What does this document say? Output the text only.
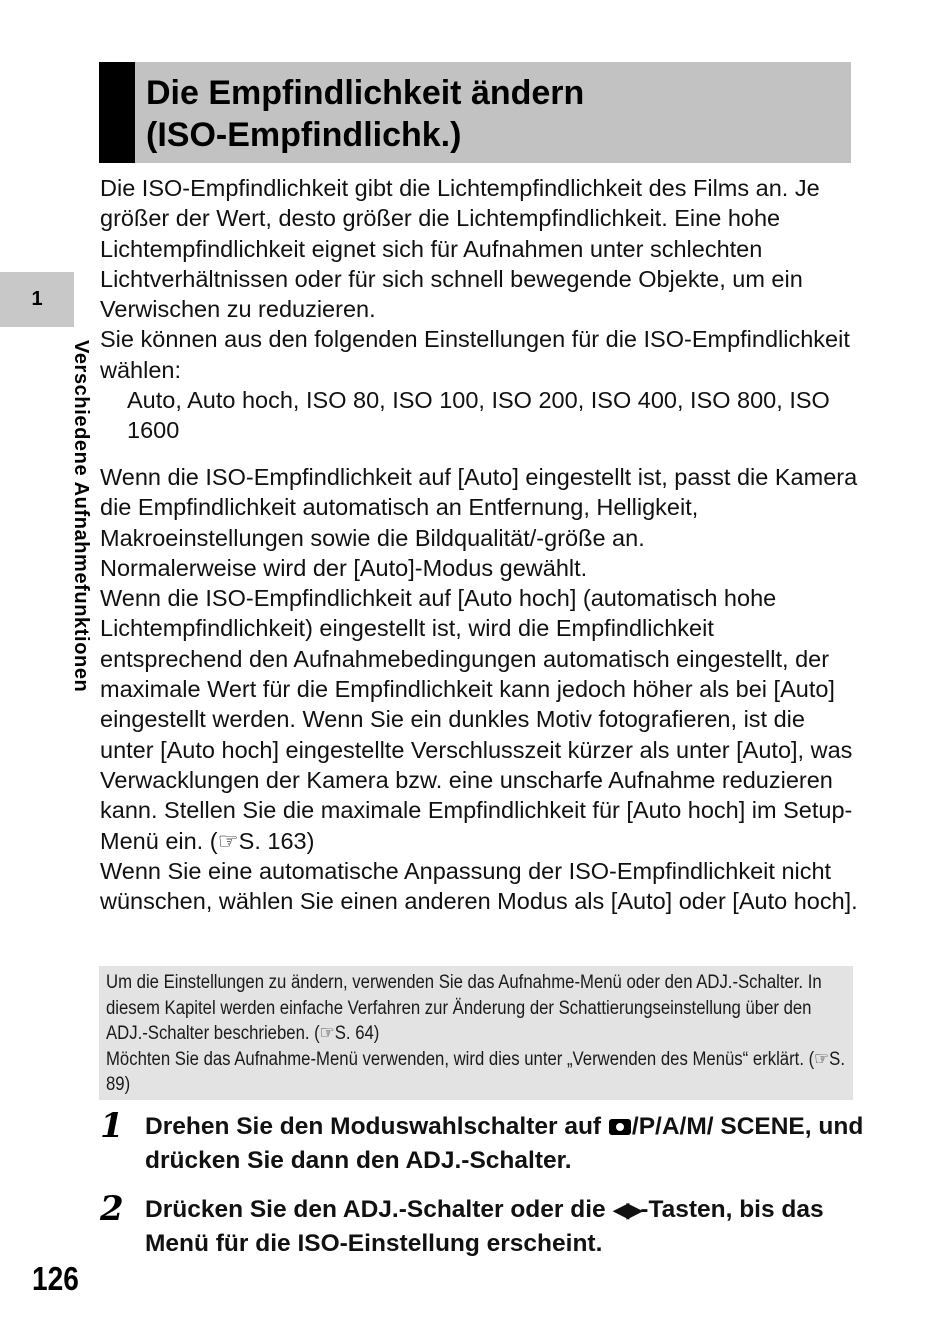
1
Verschiedene Aufnahmefunktionen
126
Die Empfindlichkeit ändern
(ISO-Empfindlichk.)

Die ISO-Empfindlichkeit gibt die Lichtempfindlichkeit des Films an. Je größer der Wert, desto größer die Lichtempfindlichkeit. Eine hohe Lichtempfindlichkeit eignet sich für Aufnahmen unter schlechten Lichtverhältnissen oder für sich schnell bewegende Objekte, um ein Verwischen zu reduzieren.

Sie können aus den folgenden Einstellungen für die ISO-Empfindlichkeit wählen:

Auto, Auto hoch, ISO 80, ISO 100, ISO 200, ISO 400, ISO 800, ISO 1600

Wenn die ISO-Empfindlichkeit auf [Auto] eingestellt ist, passt die Kamera die Empfindlichkeit automatisch an Entfernung, Helligkeit, Makroeinstellungen sowie die Bildqualität/-größe an.

Normalerweise wird der [Auto]-Modus gewählt.

Wenn die ISO-Empfindlichkeit auf [Auto hoch] (automatisch hohe Lichtempfindlichkeit) eingestellt ist, wird die Empfindlichkeit entsprechend den Aufnahmebedingungen automatisch eingestellt, der maximale Wert für die Empfindlichkeit kann jedoch höher als bei [Auto] eingestellt werden. Wenn Sie ein dunkles Motiv fotografieren, ist die unter [Auto hoch] eingestellte Verschlusszeit kürzer als unter [Auto], was Verwacklungen der Kamera bzw. eine unscharfe Aufnahme reduzieren kann. Stellen Sie die maximale Empfindlichkeit für [Auto hoch] im Setup-Menü ein. (☞S. 163)

Wenn Sie eine automatische Anpassung der ISO-Empfindlichkeit nicht wünschen, wählen Sie einen anderen Modus als [Auto] oder [Auto hoch].

Um die Einstellungen zu ändern, verwenden Sie das Aufnahme-Menü oder den ADJ.-Schalter. In diesem Kapitel werden einfache Verfahren zur Änderung der Schattierungseinstellung über den ADJ.-Schalter beschrieben. (☞S. 64)

Möchten Sie das Aufnahme-Menü verwenden, wird dies unter „Verwenden des Menüs“ erklärt. (☞S. 89)

1 Drehen Sie den Moduswahlschalter auf /P/A/M/ SCENE, und drücken Sie dann den ADJ.-Schalter.
2 Drücken Sie den ADJ.-Schalter oder die ◀▶-Tasten, bis das Menü für die ISO-Einstellung erscheint.
